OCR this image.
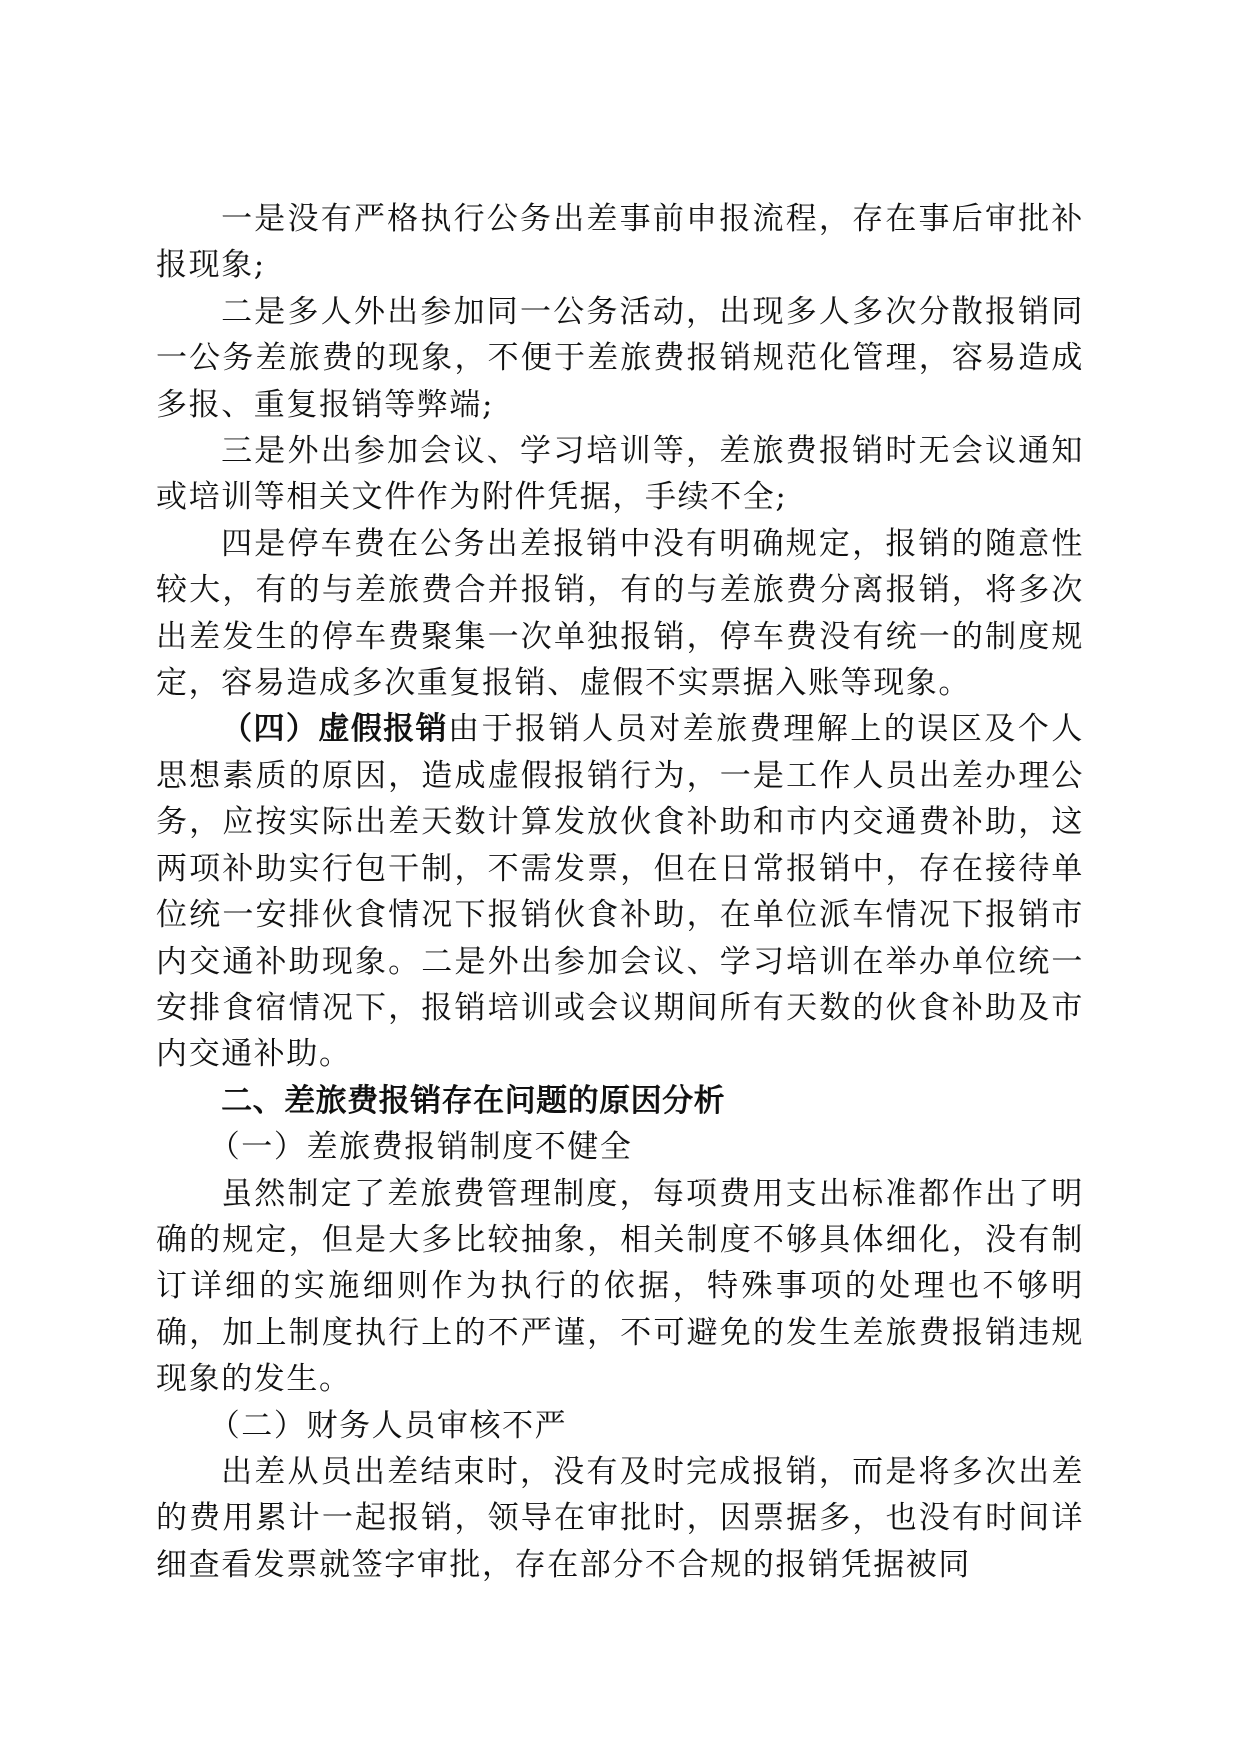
一是没有严格执行公务出差事前申报流程，存在事后审批补报现象;

二是多人外出参加同一公务活动，出现多人多次分散报销同一公务差旅费的现象，不便于差旅费报销规范化管理，容易造成多报、重复报销等弊端;

三是外出参加会议、学习培训等，差旅费报销时无会议通知或培训等相关文件作为附件凭据，手续不全;

四是停车费在公务出差报销中没有明确规定，报销的随意性较大，有的与差旅费合并报销，有的与差旅费分离报销，将多次出差发生的停车费聚集一次单独报销，停车费没有统一的制度规定，容易造成多次重复报销、虚假不实票据入账等现象。

（四）虚假报销由于报销人员对差旅费理解上的误区及个人思想素质的原因，造成虚假报销行为，一是工作人员出差办理公务，应按实际出差天数计算发放伙食补助和市内交通费补助，这两项补助实行包干制，不需发票，但在日常报销中，存在接待单位统一安排伙食情况下报销伙食补助，在单位派车情况下报销市内交通补助现象。二是外出参加会议、学习培训在举办单位统一安排食宿情况下，报销培训或会议期间所有天数的伙食补助及市内交通补助。

二、差旅费报销存在问题的原因分析

（一）差旅费报销制度不健全

虽然制定了差旅费管理制度，每项费用支出标准都作出了明确的规定，但是大多比较抽象，相关制度不够具体细化，没有制订详细的实施细则作为执行的依据，特殊事项的处理也不够明确，加上制度执行上的不严谨，不可避免的发生差旅费报销违规现象的发生。

（二）财务人员审核不严

出差从员出差结束时，没有及时完成报销，而是将多次出差的费用累计一起报销，领导在审批时，因票据多，也没有时间详细查看发票就签字审批，存在部分不合规的报销凭据被同
